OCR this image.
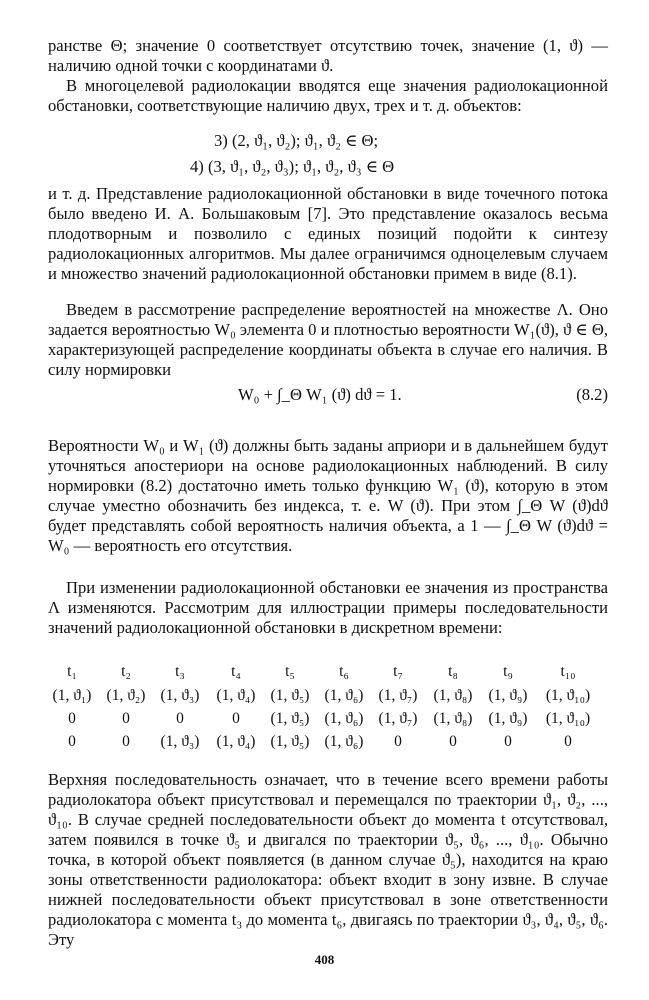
ранстве Θ; значение 0 соответствует отсутствию точек, значение (1, ϑ) — наличию одной точки с координатами ϑ.
В многоцелевой радиолокации вводятся еще значения радиолокационной обстановки, соответствующие наличию двух, трех и т. д. объектов:
3) (2, ϑ₁, ϑ₂); ϑ₁, ϑ₂ ∈ Θ;
4) (3, ϑ₁, ϑ₂, ϑ₃); ϑ₁, ϑ₂, ϑ₃ ∈ Θ
и т. д. Представление радиолокационной обстановки в виде точечного потока было введено И. А. Большаковым [7]. Это представление оказалось весьма плодотворным и позволило с единых позиций подойти к синтезу радиолокационных алгоритмов. Мы далее ограничимся одноцелевым случаем и множество значений радиолокационной обстановки примем в виде (8.1).
Введем в рассмотрение распределение вероятностей на множестве Λ. Оно задается вероятностью W₀ элемента 0 и плотностью вероятности W₁(ϑ), ϑ ∈ Θ, характеризующей распределение координаты объекта в случае его наличия. В силу нормировки
W₀ + ∫_Θ W₁ (ϑ) dϑ = 1.	(8.2)
Вероятности W₀ и W₁ (ϑ) должны быть заданы априори и в дальнейшем будут уточняться апостериори на основе радиолокационных наблюдений. В силу нормировки (8.2) достаточно иметь только функцию W₁ (ϑ), которую в этом случае уместно обозначить без индекса, т. е. W (ϑ). При этом ∫_Θ W (ϑ)dϑ будет представлять собой вероятность наличия объекта, а 1 — ∫_Θ W (ϑ)dϑ = W₀ — вероятность его отсутствия.
При изменении радиолокационной обстановки ее значения из пространства Λ изменяются. Рассмотрим для иллюстрации примеры последовательности значений радиолокационной обстановки в дискретном времени:
t₁	t₂	t₃	t₄	t₅	t₆	t₇	t₈	t₉	t₁₀
(1, ϑ₁) (1, ϑ₂) (1, ϑ₃) (1, ϑ₄) (1, ϑ₅) (1, ϑ₆) (1, ϑ₇) (1, ϑ₈) (1, ϑ₉) (1, ϑ₁₀)
0	0	0	0 (1, ϑ₅) (1, ϑ₆) (1, ϑ₇) (1, ϑ₈) (1, ϑ₉) (1, ϑ₁₀)
0	0 (1, ϑ₃) (1, ϑ₄) (1, ϑ₅) (1, ϑ₆) 0	0	0	0
Верхняя последовательность означает, что в течение всего времени работы радиолокатора объект присутствовал и перемещался по траектории ϑ₁, ϑ₂, ..., ϑ₁₀. В случае средней последовательности объект до момента t отсутствовал, затем появился в точке ϑ₅ и двигался по траектории ϑ₅, ϑ₆, ..., ϑ₁₀. Обычно точка, в которой объект появляется (в данном случае ϑ₅), находится на краю зоны ответственности радиолокатора: объект входит в зону извне. В случае нижней последовательности объект присутствовал в зоне ответственности радиолокатора с момента t₃ до момента t₆, двигаясь по траектории ϑ₃, ϑ₄, ϑ₅, ϑ₆. Эту
408
